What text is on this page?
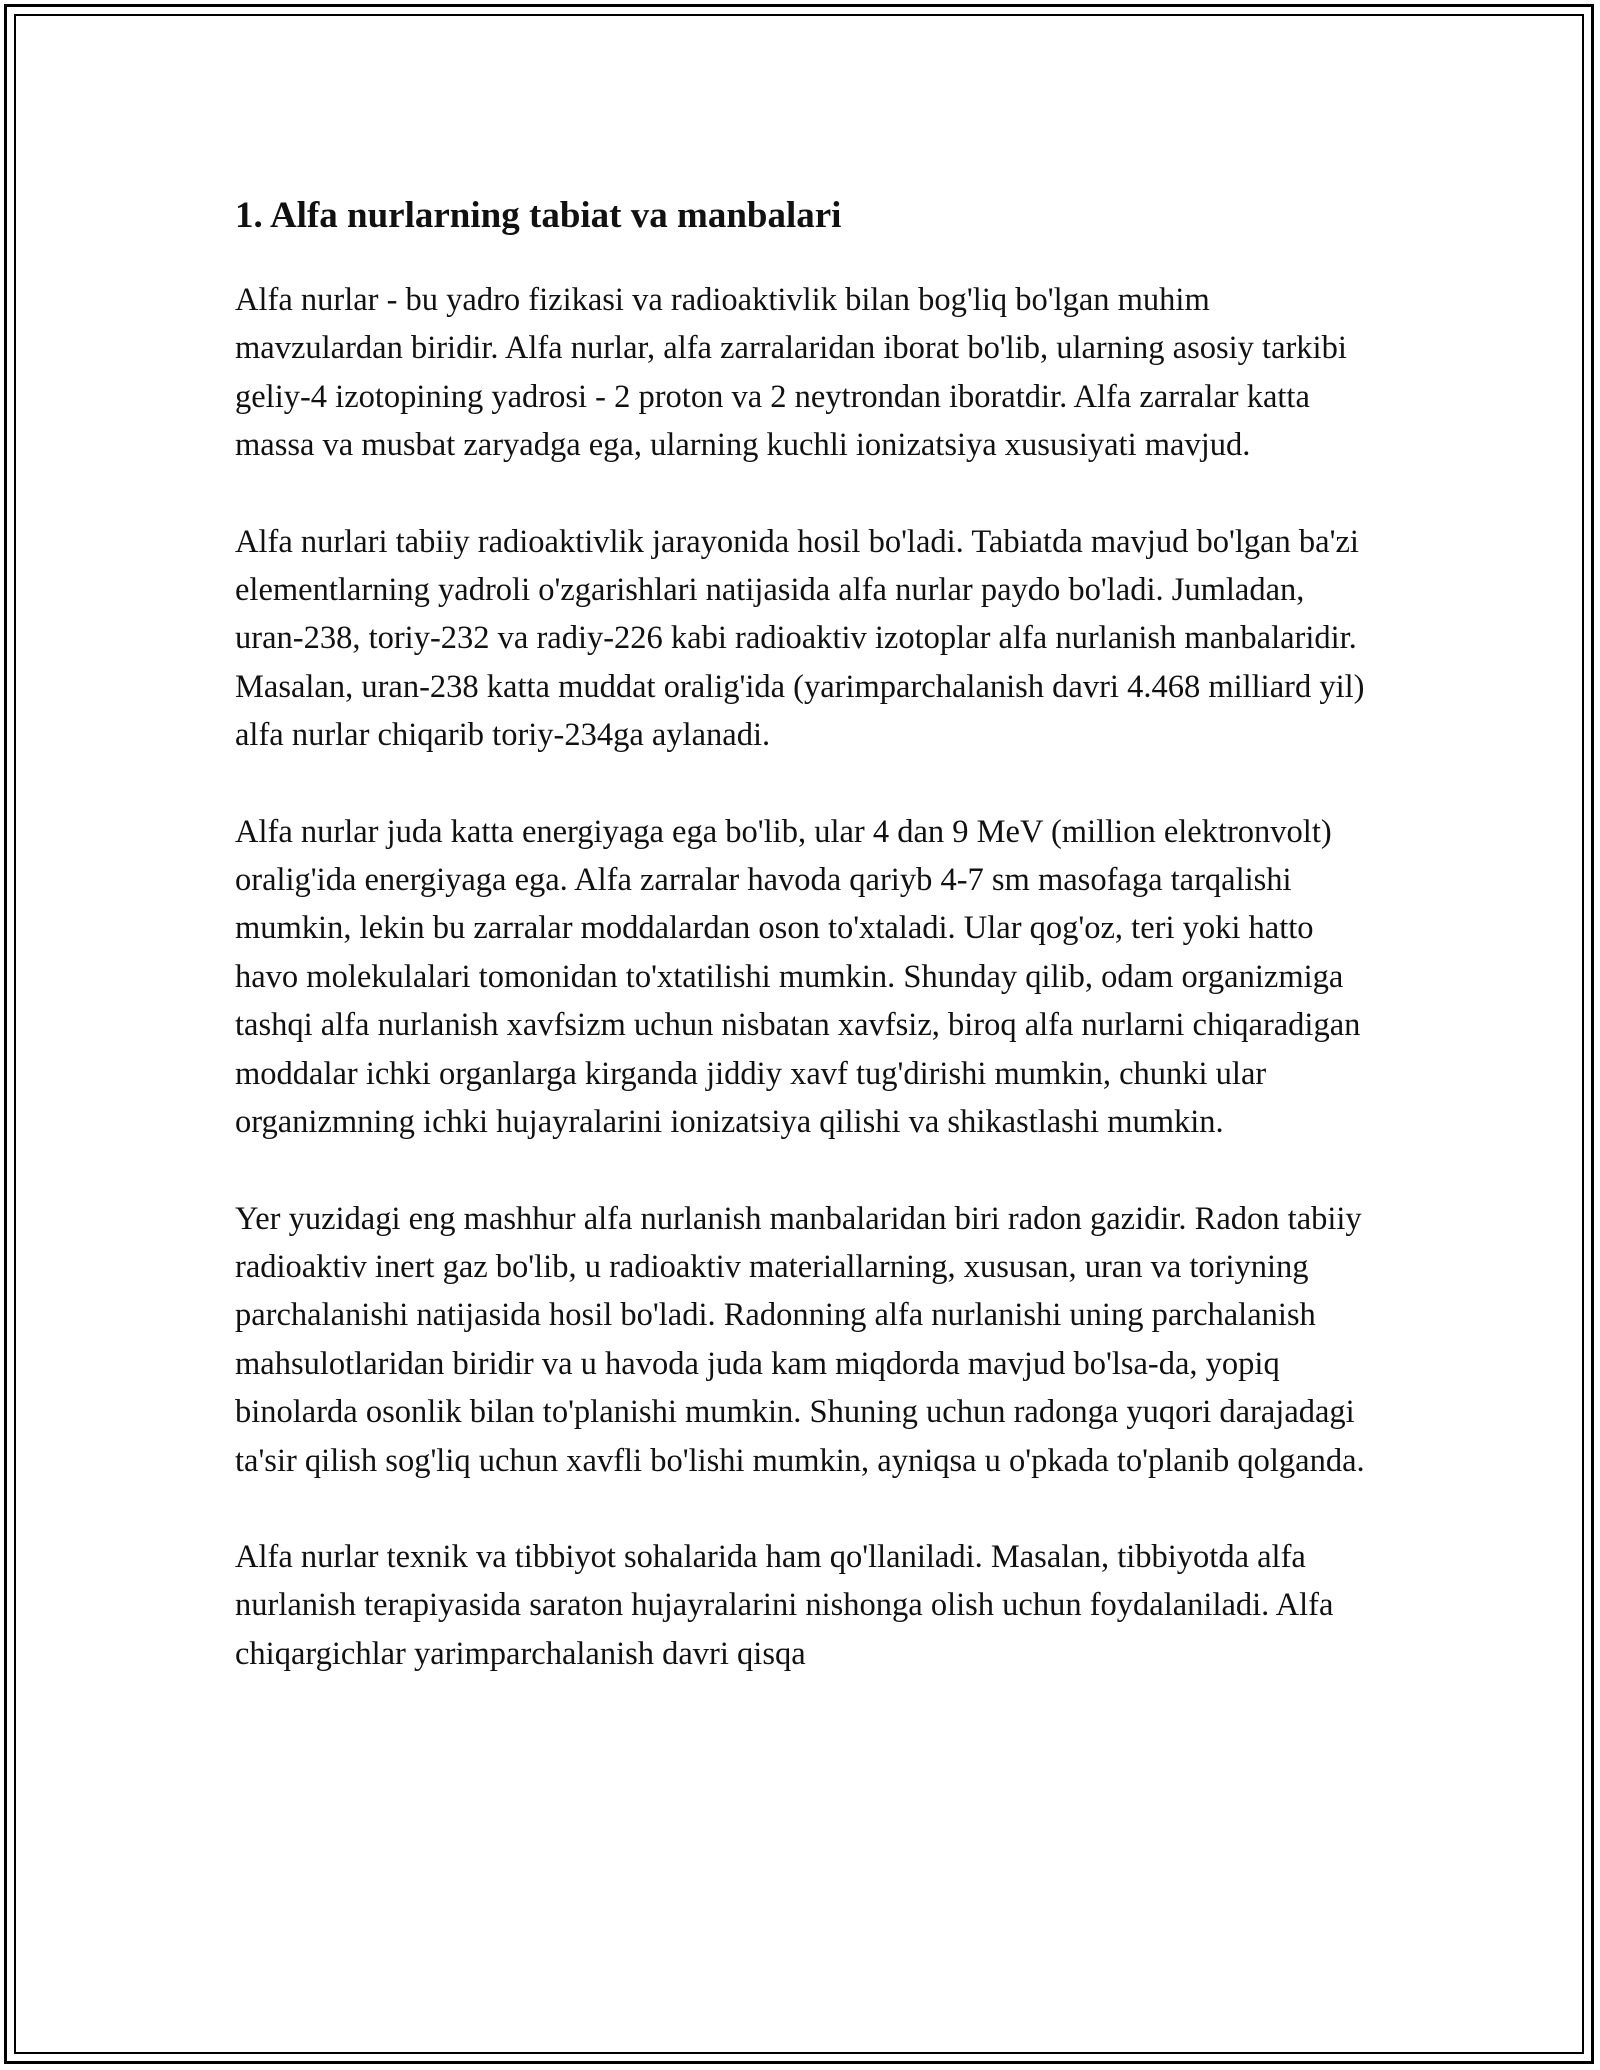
1. Alfa nurlarning tabiat va manbalari

Alfa nurlar - bu yadro fizikasi va radioaktivlik bilan bog'liq bo'lgan muhim mavzulardan biridir. Alfa nurlar, alfa zarralaridan iborat bo'lib, ularning asosiy tarkibi geliy-4 izotopining yadrosi - 2 proton va 2 neytrondan iboratdir. Alfa zarralar katta massa va musbat zaryadga ega, ularning kuchli ionizatsiya xususiyati mavjud.

Alfa nurlari tabiiy radioaktivlik jarayonida hosil bo'ladi. Tabiatda mavjud bo'lgan ba'zi elementlarning yadroli o'zgarishlari natijasida alfa nurlar paydo bo'ladi. Jumladan, uran-238, toriy-232 va radiy-226 kabi radioaktiv izotoplar alfa nurlanish manbalaridir. Masalan, uran-238 katta muddat oralig'ida (yarimparchalanish davri 4.468 milliard yil) alfa nurlar chiqarib toriy-234ga aylanadi.

Alfa nurlar juda katta energiyaga ega bo'lib, ular 4 dan 9 MeV (million elektronvolt) oralig'ida energiyaga ega. Alfa zarralar havoda qariyb 4-7 sm masofaga tarqalishi mumkin, lekin bu zarralar moddalardan oson to'xtaladi. Ular qog'oz, teri yoki hatto havo molekulalari tomonidan to'xtatilishi mumkin. Shunday qilib, odam organizmiga tashqi alfa nurlanish xavfsizm uchun nisbatan xavfsiz, biroq alfa nurlarni chiqaradigan moddalar ichki organlarga kirganda jiddiy xavf tug'dirishi mumkin, chunki ular organizmning ichki hujayralarini ionizatsiya qilishi va shikastlashi mumkin.

Yer yuzidagi eng mashhur alfa nurlanish manbalaridan biri radon gazidir. Radon tabiiy radioaktiv inert gaz bo'lib, u radioaktiv materiallarning, xususan, uran va toriyning parchalanishi natijasida hosil bo'ladi. Radonning alfa nurlanishi uning parchalanish mahsulotlaridan biridir va u havoda juda kam miqdorda mavjud bo'lsa-da, yopiq binolarda osonlik bilan to'planishi mumkin. Shuning uchun radonga yuqori darajadagi ta'sir qilish sog'liq uchun xavfli bo'lishi mumkin, ayniqsa u o'pkada to'planib qolganda.

Alfa nurlar texnik va tibbiyot sohalarida ham qo'llaniladi. Masalan, tibbiyotda alfa nurlanish terapiyasida saraton hujayralarini nishonga olish uchun foydalaniladi. Alfa chiqargichlar yarimparchalanish davri qisqa
